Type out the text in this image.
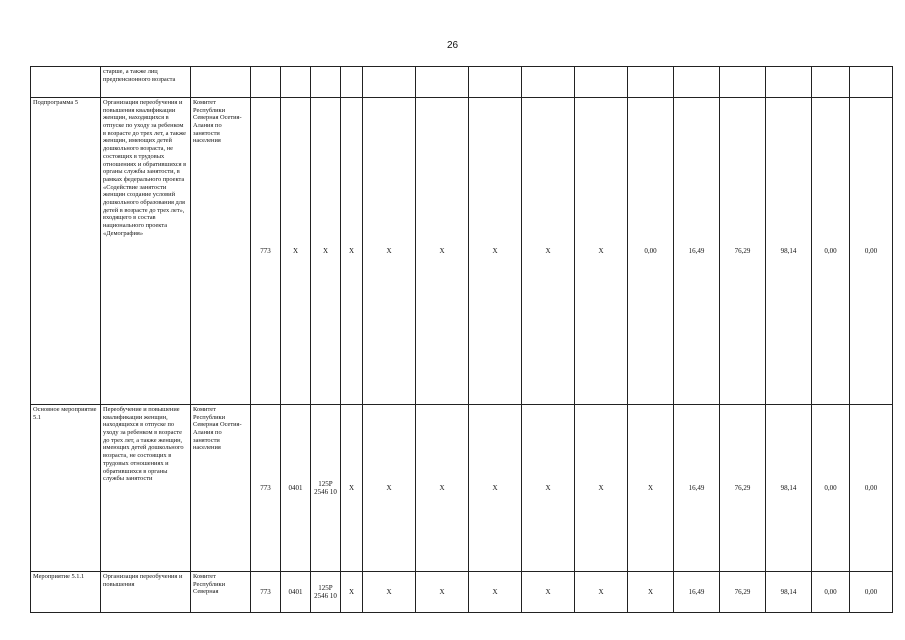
26
	старше, а также лиц предпенсионного возраста																
Подпрограмма 5	Организация переобучения и повышения квалификации женщин, находящихся в отпуске по уходу за ребенком в возрасте до трех лет, а также женщин, имеющих детей дошкольного возраста, не состоящих в трудовых отношениях и обратившихся в органы службы занятости, в рамках федерального проекта «Содействие занятости женщин создание условий дошкольного образования для детей в возрасте до трех лет», входящего в состав национального проекта «Демография»	Комитет Республики Северная Осетия-Алания по занятости населения	773	X	X	X	X	X	X	X	X	0,00	16,49	76,29	98,14	0,00	0,00
Основное мероприятие 5.1	Переобучение и повышение квалификации женщин, находящихся в отпуске по уходу за ребенком в возрасте до трех лет, а также женщин, имеющих детей дошкольного возраста, не состоящих в трудовых отношениях и обратившихся в органы службы занятости	Комитет Республики Северная Осетия-Алания по занятости населения	773	0401	125P 2546 10	X	X	X	X	X	X	X	16,49	76,29	98,14	0,00	0,00
Мероприятие 5.1.1	Организация переобучения и повышения	Комитет Республики Северная	773	0401	125P 2546 10	X	X	X	X	X	X	X	16,49	76,29	98,14	0,00	0,00
